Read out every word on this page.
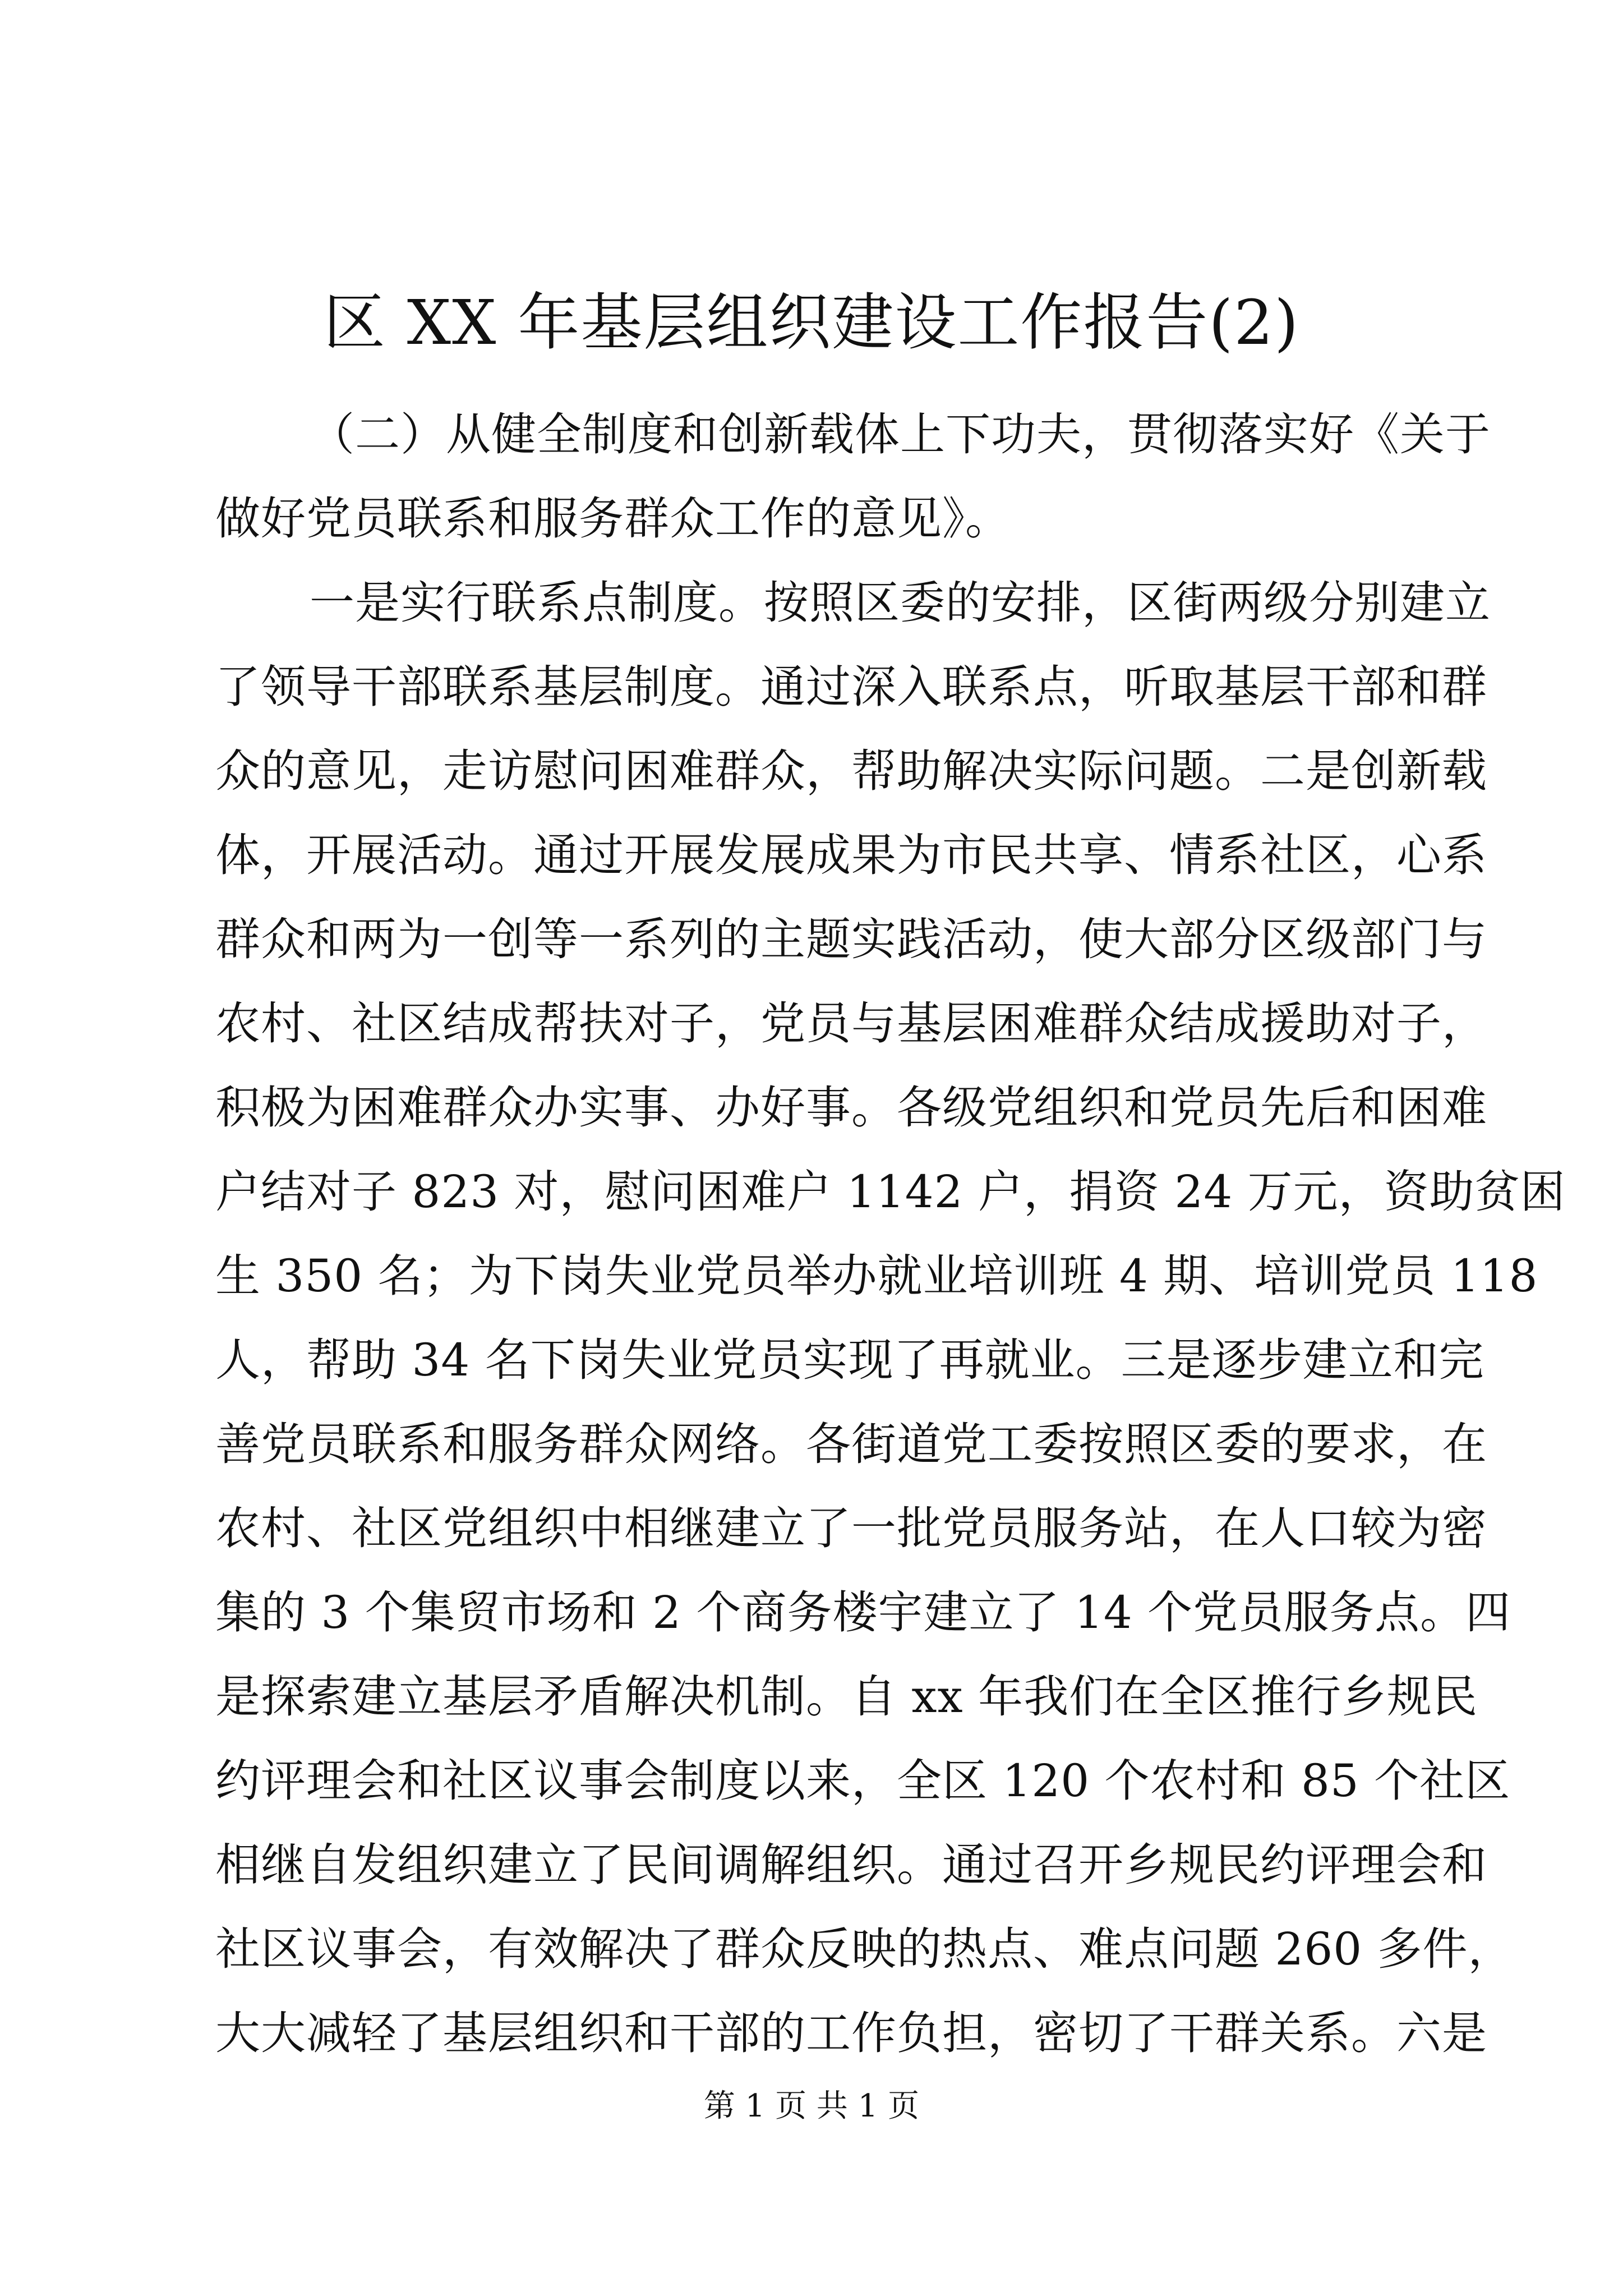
区 XX 年基层组织建设工作报告(2)
（二）从健全制度和创新载体上下功夫，贯彻落实好《关于
做好党员联系和服务群众工作的意见》。
一是实行联系点制度。按照区委的安排，区街两级分别建立
了领导干部联系基层制度。通过深入联系点，听取基层干部和群
众的意见，走访慰问困难群众，帮助解决实际问题。二是创新载
体，开展活动。通过开展发展成果为市民共享、情系社区，心系
群众和两为一创等一系列的主题实践活动，使大部分区级部门与
农村、社区结成帮扶对子，党员与基层困难群众结成援助对子，
积极为困难群众办实事、办好事。各级党组织和党员先后和困难
户结对子 823 对，慰问困难户 1142 户，捐资 24 万元，资助贫困
生 350 名；为下岗失业党员举办就业培训班 4 期、培训党员 118
人，帮助 34 名下岗失业党员实现了再就业。三是逐步建立和完
善党员联系和服务群众网络。各街道党工委按照区委的要求，在
农村、社区党组织中相继建立了一批党员服务站，在人口较为密
集的 3 个集贸市场和 2 个商务楼宇建立了 14 个党员服务点。四
是探索建立基层矛盾解决机制。自 xx 年我们在全区推行乡规民
约评理会和社区议事会制度以来，全区 120 个农村和 85 个社区
相继自发组织建立了民间调解组织。通过召开乡规民约评理会和
社区议事会，有效解决了群众反映的热点、难点问题 260 多件，
大大减轻了基层组织和干部的工作负担，密切了干群关系。六是
第 1 页 共 1 页
